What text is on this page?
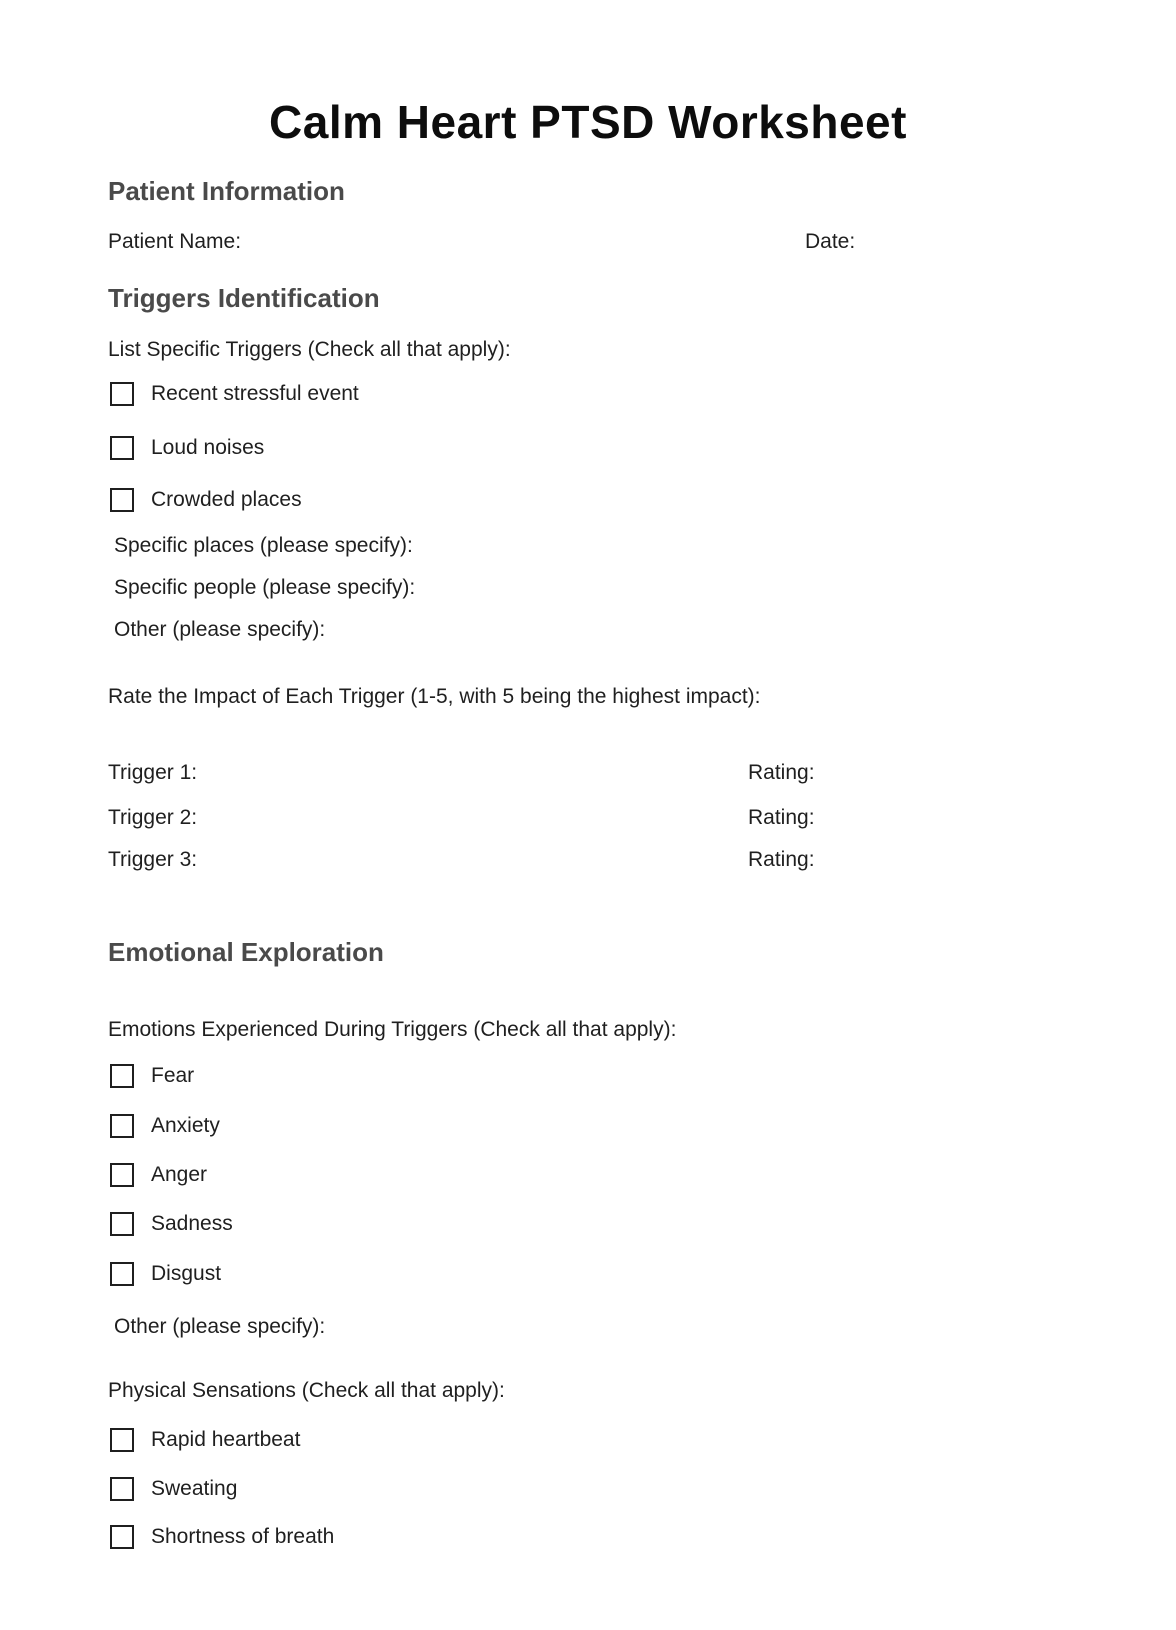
Calm Heart PTSD Worksheet
Patient Information
Patient Name:	Date:
Triggers Identification
List Specific Triggers (Check all that apply):
Recent stressful event
Loud noises
Crowded places
Specific places (please specify):
Specific people (please specify):
Other (please specify):
Rate the Impact of Each Trigger (1-5, with 5 being the highest impact):
Trigger 1:	Rating:
Trigger 2:	Rating:
Trigger 3:	Rating:
Emotional Exploration
Emotions Experienced During Triggers (Check all that apply):
Fear
Anxiety
Anger
Sadness
Disgust
Other (please specify):
Physical Sensations (Check all that apply):
Rapid heartbeat
Sweating
Shortness of breath
